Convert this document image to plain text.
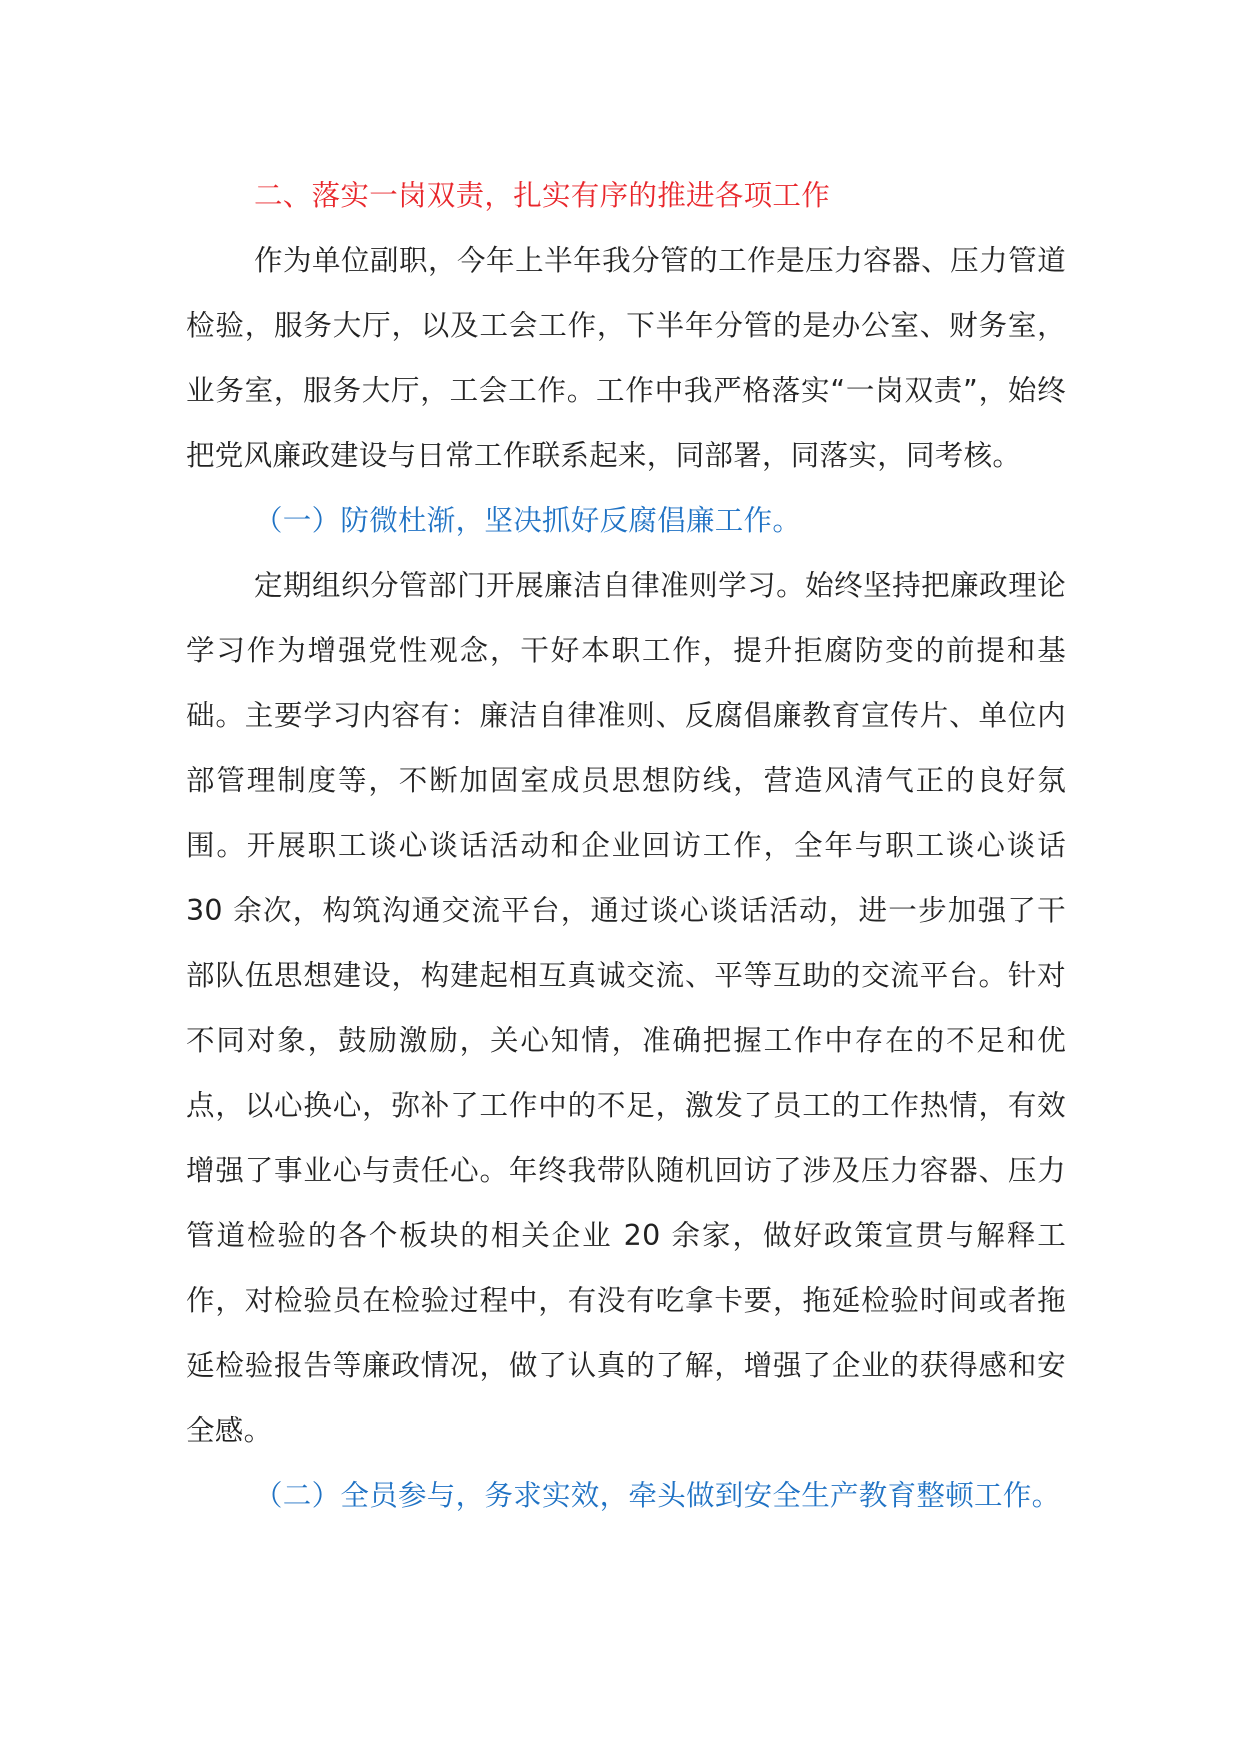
二、落实一岗双责，扎实有序的推进各项工作

作为单位副职，今年上半年我分管的工作是压力容器、压力管道检验，服务大厅，以及工会工作，下半年分管的是办公室、财务室，业务室，服务大厅，工会工作。工作中我严格落实“一岗双责”，始终把党风廉政建设与日常工作联系起来，同部署，同落实，同考核。

（一）防微杜渐，坚决抓好反腐倡廉工作。

定期组织分管部门开展廉洁自律准则学习。始终坚持把廉政理论学习作为增强党性观念，干好本职工作，提升拒腐防变的前提和基础。主要学习内容有：廉洁自律准则、反腐倡廉教育宣传片、单位内部管理制度等，不断加固室成员思想防线，营造风清气正的良好氛围。开展职工谈心谈话活动和企业回访工作，全年与职工谈心谈话 30 余次，构筑沟通交流平台，通过谈心谈话活动，进一步加强了干部队伍思想建设，构建起相互真诚交流、平等互助的交流平台。针对不同对象，鼓励激励，关心知情，准确把握工作中存在的不足和优点，以心换心，弥补了工作中的不足，激发了员工的工作热情，有效增强了事业心与责任心。年终我带队随机回访了涉及压力容器、压力管道检验的各个板块的相关企业 20 余家，做好政策宣贯与解释工作，对检验员在检验过程中，有没有吃拿卡要，拖延检验时间或者拖延检验报告等廉政情况，做了认真的了解，增强了企业的获得感和安全感。

（二）全员参与，务求实效，牵头做到安全生产教育整顿工作。
